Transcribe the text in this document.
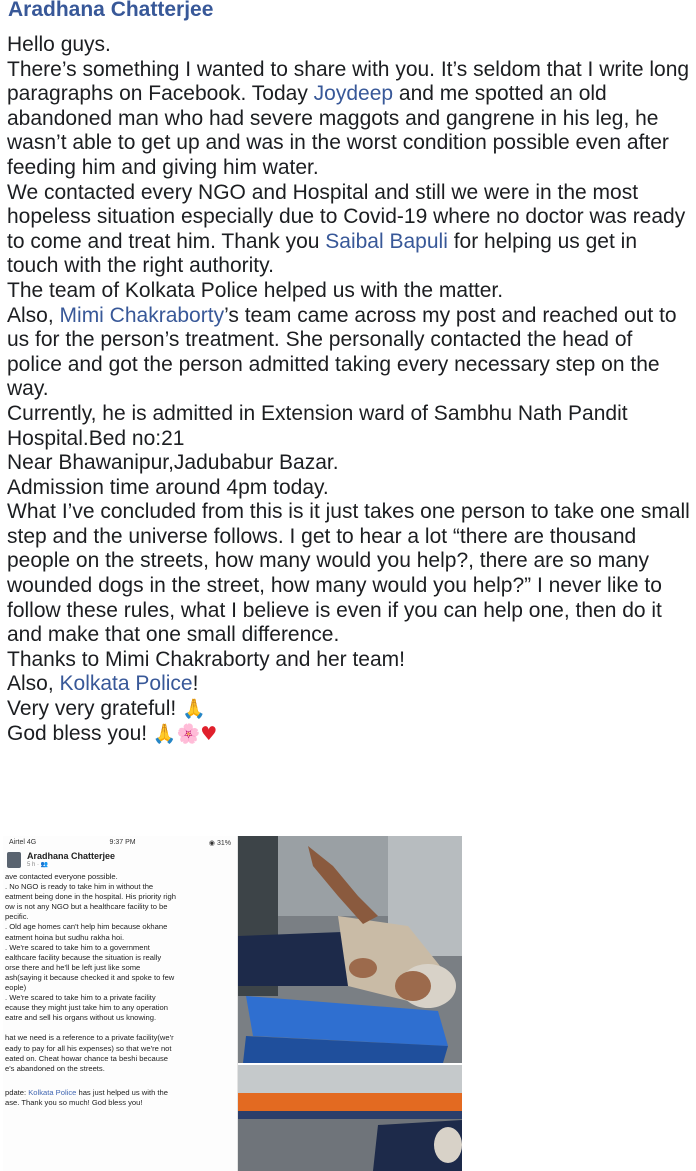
Aradhana Chatterjee
Hello guys.
There’s something I wanted to share with you. It’s seldom that I write long paragraphs on Facebook. Today Joydeep and me spotted an old abandoned man who had severe maggots and gangrene in his leg, he wasn’t able to get up and was in the worst condition possible even after feeding him and giving him water.
We contacted every NGO and Hospital and still we were in the most hopeless situation especially due to Covid-19 where no doctor was ready to come and treat him. Thank you Saibal Bapuli for helping us get in touch with the right authority.
The team of Kolkata Police helped us with the matter.
Also, Mimi Chakraborty’s team came across my post and reached out to us for the person’s treatment. She personally contacted the head of police and got the person admitted taking every necessary step on the way.
Currently, he is admitted in Extension ward of Sambhu Nath Pandit Hospital.Bed no:21
Near Bhawanipur,Jadubabur Bazar.
Admission time around 4pm today.
What I’ve concluded from this is it just takes one person to take one small step and the universe follows. I get to hear a lot “there are thousand people on the streets, how many would you help?, there are so many wounded dogs in the street, how many would you help?” I never like to follow these rules, what I believe is even if you can help one, then do it and make that one small difference.
Thanks to Mimi Chakraborty and her team!
Also, Kolkata Police!
Very very grateful! 🙏
God bless you! 🙏🌸♥
Airtel 4G	9:37 PM	◉ 31%
Aradhana Chatterjee
5 h · 👥
ave contacted everyone possible.
. No NGO is ready to take him in without the
eatment being done in the hospital. His priority righ
ow is not any NGO but a healthcare facility to be
pecific.
. Old age homes can't help him because okhane
eatment hoina but sudhu rakha hoi.
. We're scared to take him to a government
ealthcare facility because the situation is really
orse there and he'll be left just like some
ash(saying it because checked it and spoke to few
eople)
. We're scared to take him to a private facility
ecause they might just take him to any operation
eatre and sell his organs without us knowing.
hat we need is a reference to a private facility(we'r
eady to pay for all his expenses) so that we're not
eated on. Cheat howar chance ta beshi because
e's abandoned on the streets.
pdate: Kolkata Police has just helped us with the
ase. Thank you so much! God bless you!
